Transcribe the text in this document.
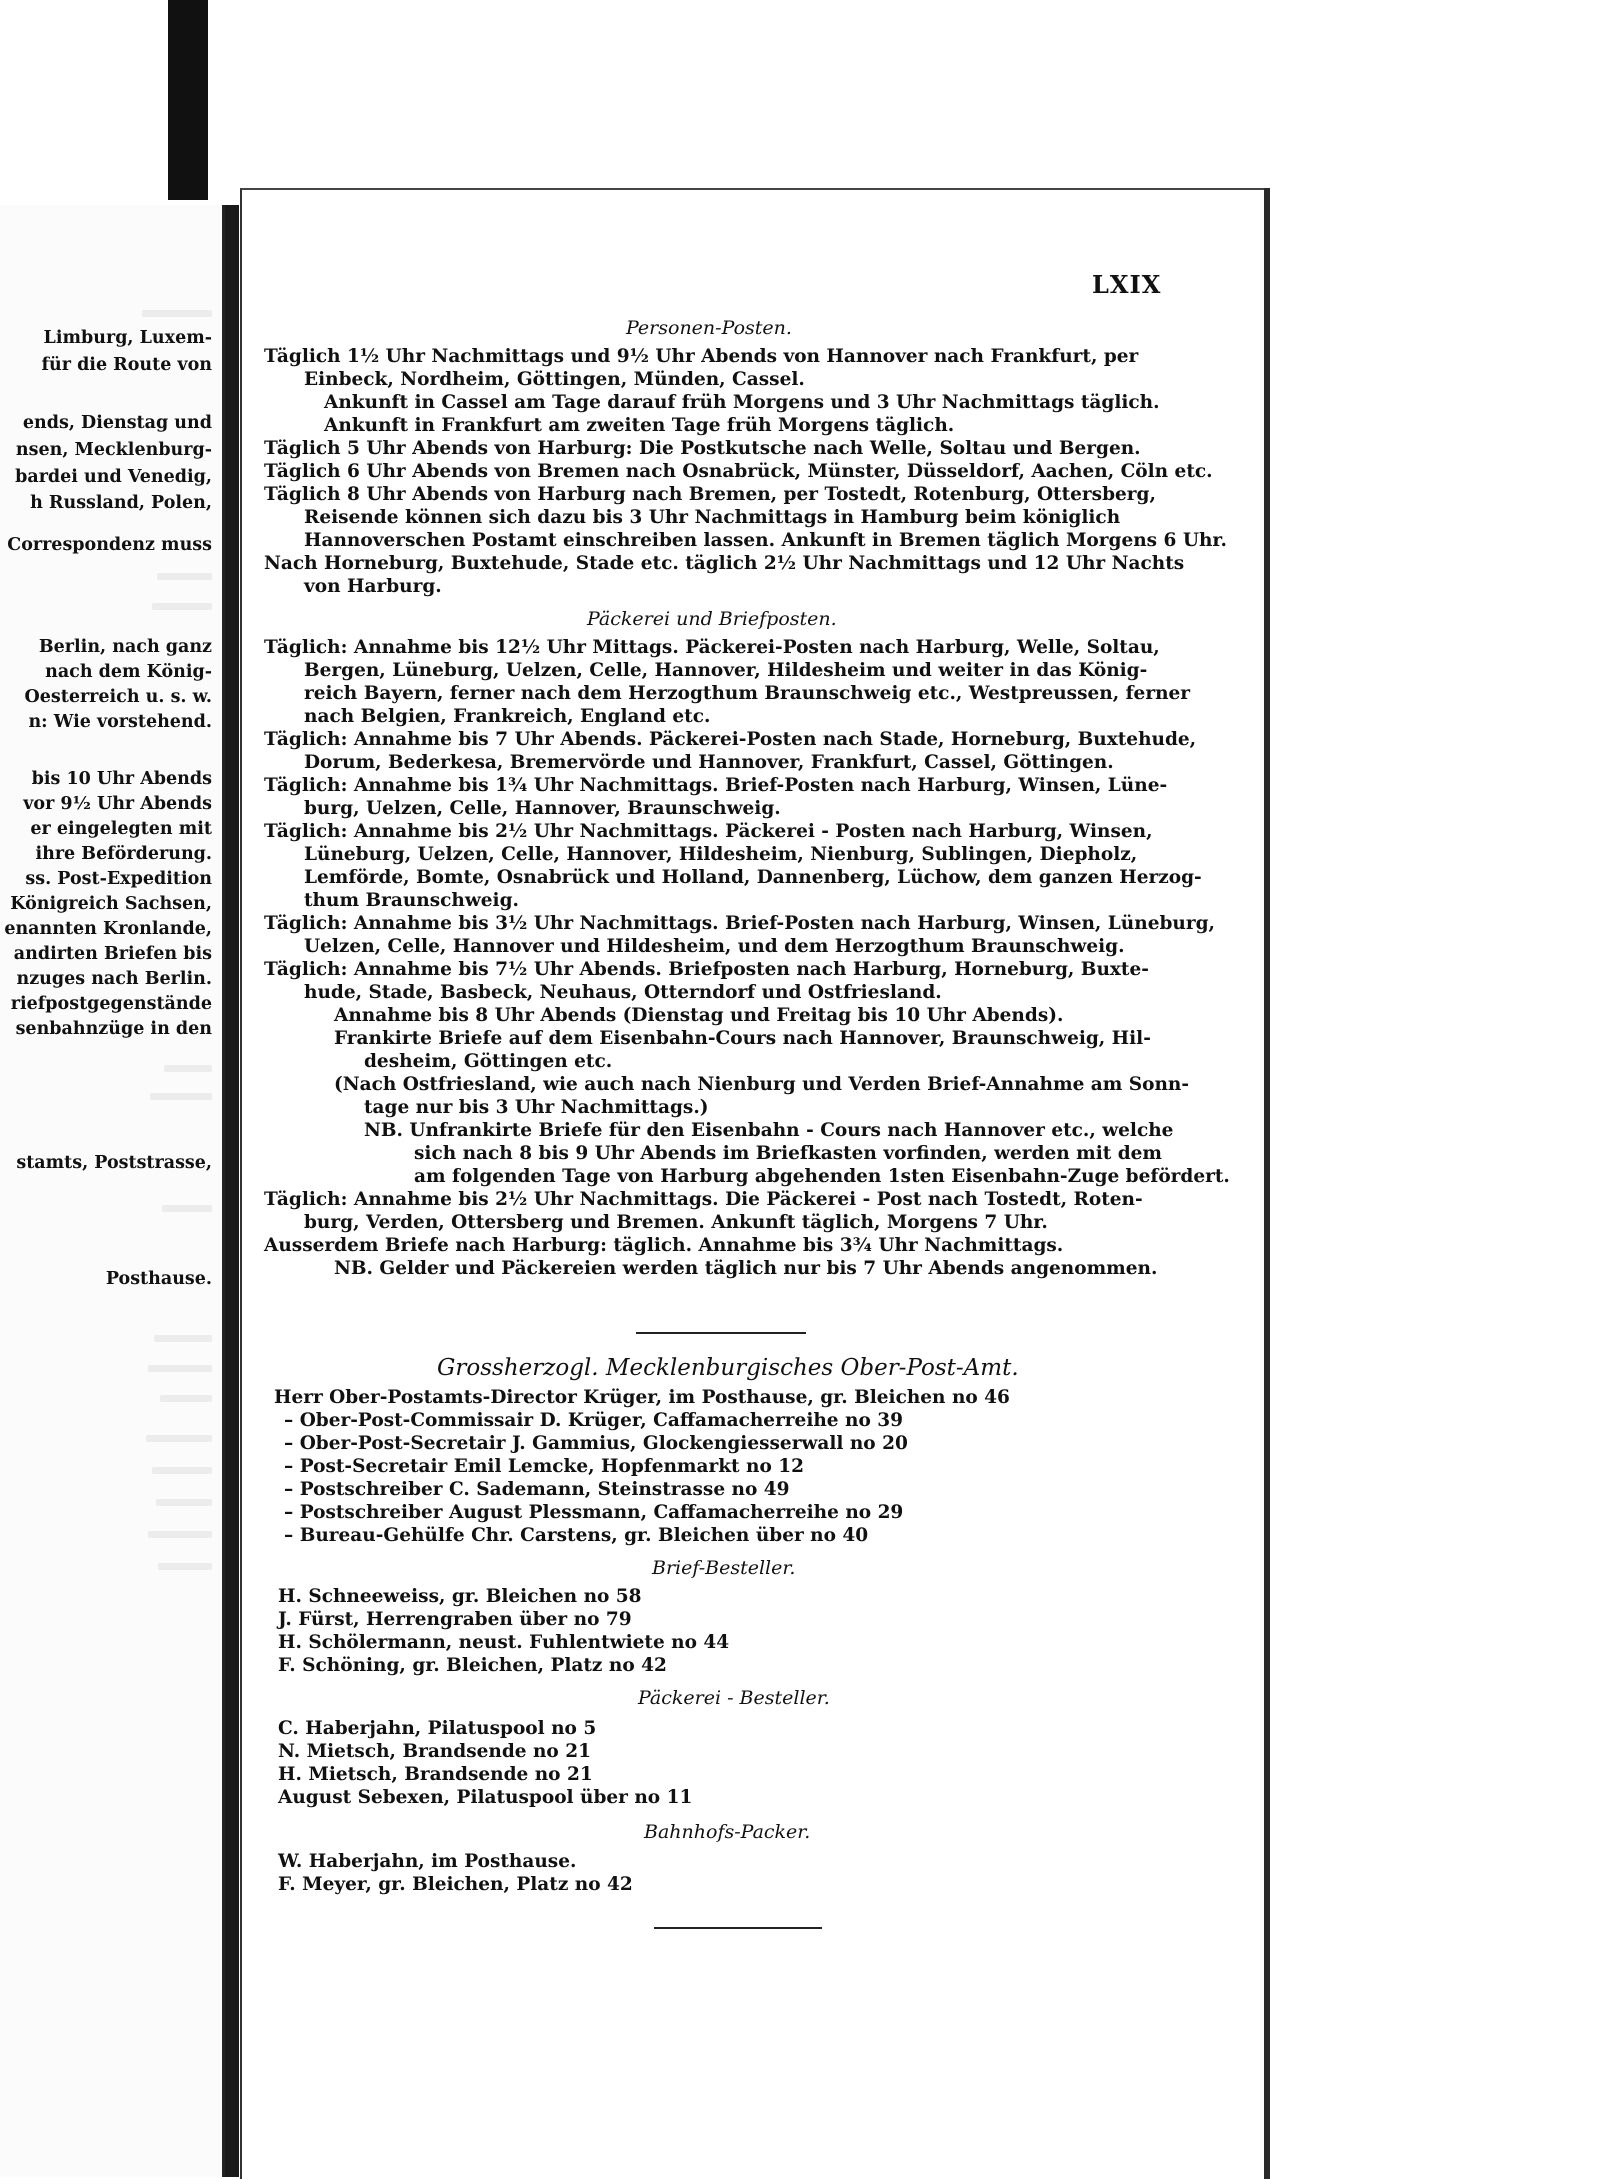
Limburg, Luxem-
für die Route von
ends, Dienstag und
nsen, Mecklenburg-
bardei und Venedig,
h Russland, Polen,
Correspondenz muss
Berlin, nach ganz
nach dem König-
Oesterreich u. s. w.
n: Wie vorstehend.
bis 10 Uhr Abends
vor 9½ Uhr Abends
er eingelegten mit
ihre Beförderung.
ss. Post-Expedition
Königreich Sachsen,
enannten Kronlande,
andirten Briefen bis
nzuges nach Berlin.
riefpostgegenstände
senbahnzüge in den
stamts, Poststrasse,
Posthause.
LXIX
Personen-Posten.
Täglich 1½ Uhr Nachmittags und 9½ Uhr Abends von Hannover nach Frankfurt, per
Einbeck, Nordheim, Göttingen, Münden, Cassel.
Ankunft in Cassel am Tage darauf früh Morgens und 3 Uhr Nachmittags täglich.
Ankunft in Frankfurt am zweiten Tage früh Morgens täglich.
Täglich 5 Uhr Abends von Harburg: Die Postkutsche nach Welle, Soltau und Bergen.
Täglich 6 Uhr Abends von Bremen nach Osnabrück, Münster, Düsseldorf, Aachen, Cöln etc.
Täglich 8 Uhr Abends von Harburg nach Bremen, per Tostedt, Rotenburg, Ottersberg,
Reisende können sich dazu bis 3 Uhr Nachmittags in Hamburg beim königlich
Hannoverschen Postamt einschreiben lassen. Ankunft in Bremen täglich Morgens 6 Uhr.
Nach Horneburg, Buxtehude, Stade etc. täglich 2½ Uhr Nachmittags und 12 Uhr Nachts
von Harburg.
Päckerei und Briefposten.
Täglich: Annahme bis 12½ Uhr Mittags. Päckerei-Posten nach Harburg, Welle, Soltau,
Bergen, Lüneburg, Uelzen, Celle, Hannover, Hildesheim und weiter in das König-
reich Bayern, ferner nach dem Herzogthum Braunschweig etc., Westpreussen, ferner
nach Belgien, Frankreich, England etc.
Täglich: Annahme bis 7 Uhr Abends. Päckerei-Posten nach Stade, Horneburg, Buxtehude,
Dorum, Bederkesa, Bremervörde und Hannover, Frankfurt, Cassel, Göttingen.
Täglich: Annahme bis 1¾ Uhr Nachmittags. Brief-Posten nach Harburg, Winsen, Lüne-
burg, Uelzen, Celle, Hannover, Braunschweig.
Täglich: Annahme bis 2½ Uhr Nachmittags. Päckerei - Posten nach Harburg, Winsen,
Lüneburg, Uelzen, Celle, Hannover, Hildesheim, Nienburg, Sublingen, Diepholz,
Lemförde, Bomte, Osnabrück und Holland, Dannenberg, Lüchow, dem ganzen Herzog-
thum Braunschweig.
Täglich: Annahme bis 3½ Uhr Nachmittags. Brief-Posten nach Harburg, Winsen, Lüneburg,
Uelzen, Celle, Hannover und Hildesheim, und dem Herzogthum Braunschweig.
Täglich: Annahme bis 7½ Uhr Abends. Briefposten nach Harburg, Horneburg, Buxte-
hude, Stade, Basbeck, Neuhaus, Otterndorf und Ostfriesland.
Annahme bis 8 Uhr Abends (Dienstag und Freitag bis 10 Uhr Abends).
Frankirte Briefe auf dem Eisenbahn-Cours nach Hannover, Braunschweig, Hil-
desheim, Göttingen etc.
(Nach Ostfriesland, wie auch nach Nienburg und Verden Brief-Annahme am Sonn-
tage nur bis 3 Uhr Nachmittags.)
NB. Unfrankirte Briefe für den Eisenbahn - Cours nach Hannover etc., welche
sich nach 8 bis 9 Uhr Abends im Briefkasten vorfinden, werden mit dem
am folgenden Tage von Harburg abgehenden 1sten Eisenbahn-Zuge befördert.
Täglich: Annahme bis 2½ Uhr Nachmittags. Die Päckerei - Post nach Tostedt, Roten-
burg, Verden, Ottersberg und Bremen. Ankunft täglich, Morgens 7 Uhr.
Ausserdem Briefe nach Harburg: täglich. Annahme bis 3¾ Uhr Nachmittags.
NB. Gelder und Päckereien werden täglich nur bis 7 Uhr Abends angenommen.
Grossherzogl. Mecklenburgisches Ober-Post-Amt.
Herr Ober-Postamts-Director Krüger, im Posthause, gr. Bleichen no 46
– Ober-Post-Commissair D. Krüger, Caffamacherreihe no 39
– Ober-Post-Secretair J. Gammius, Glockengiesserwall no 20
– Post-Secretair Emil Lemcke, Hopfenmarkt no 12
– Postschreiber C. Sademann, Steinstrasse no 49
– Postschreiber August Plessmann, Caffamacherreihe no 29
– Bureau-Gehülfe Chr. Carstens, gr. Bleichen über no 40
Brief-Besteller.
H. Schneeweiss, gr. Bleichen no 58
J. Fürst, Herrengraben über no 79
H. Schölermann, neust. Fuhlentwiete no 44
F. Schöning, gr. Bleichen, Platz no 42
Päckerei - Besteller.
C. Haberjahn, Pilatuspool no 5
N. Mietsch, Brandsende no 21
H. Mietsch, Brandsende no 21
August Sebexen, Pilatuspool über no 11
Bahnhofs-Packer.
W. Haberjahn, im Posthause.
F. Meyer, gr. Bleichen, Platz no 42
